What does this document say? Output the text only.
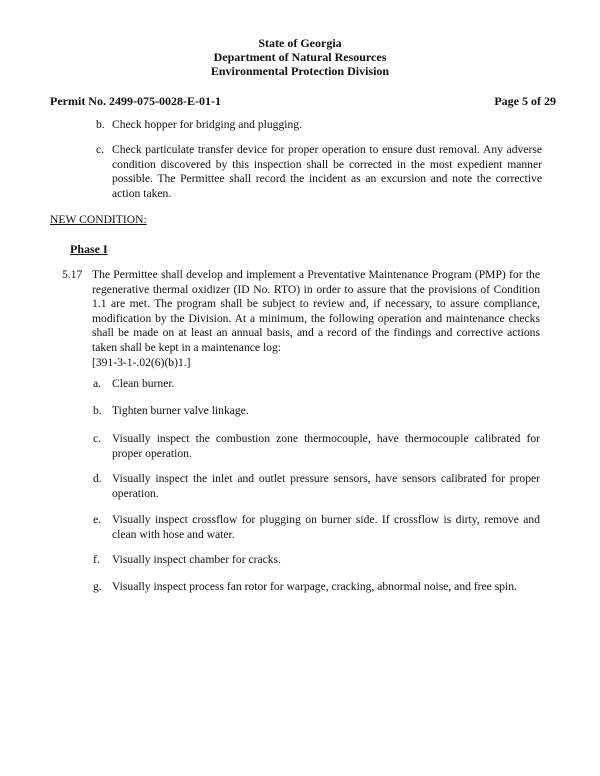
State of Georgia
Department of Natural Resources
Environmental Protection Division
Permit No. 2499-075-0028-E-01-1	Page 5 of 29
b. Check hopper for bridging and plugging.
c. Check particulate transfer device for proper operation to ensure dust removal. Any adverse condition discovered by this inspection shall be corrected in the most expedient manner possible. The Permittee shall record the incident as an excursion and note the corrective action taken.
NEW CONDITION:
Phase I
5.17 The Permittee shall develop and implement a Preventative Maintenance Program (PMP) for the regenerative thermal oxidizer (ID No. RTO) in order to assure that the provisions of Condition 1.1 are met. The program shall be subject to review and, if necessary, to assure compliance, modification by the Division. At a minimum, the following operation and maintenance checks shall be made on at least an annual basis, and a record of the findings and corrective actions taken shall be kept in a maintenance log:
[391-3-1-.02(6)(b)1.]
a. Clean burner.
b. Tighten burner valve linkage.
c. Visually inspect the combustion zone thermocouple, have thermocouple calibrated for proper operation.
d. Visually inspect the inlet and outlet pressure sensors, have sensors calibrated for proper operation.
e. Visually inspect crossflow for plugging on burner side. If crossflow is dirty, remove and clean with hose and water.
f. Visually inspect chamber for cracks.
g. Visually inspect process fan rotor for warpage, cracking, abnormal noise, and free spin.
